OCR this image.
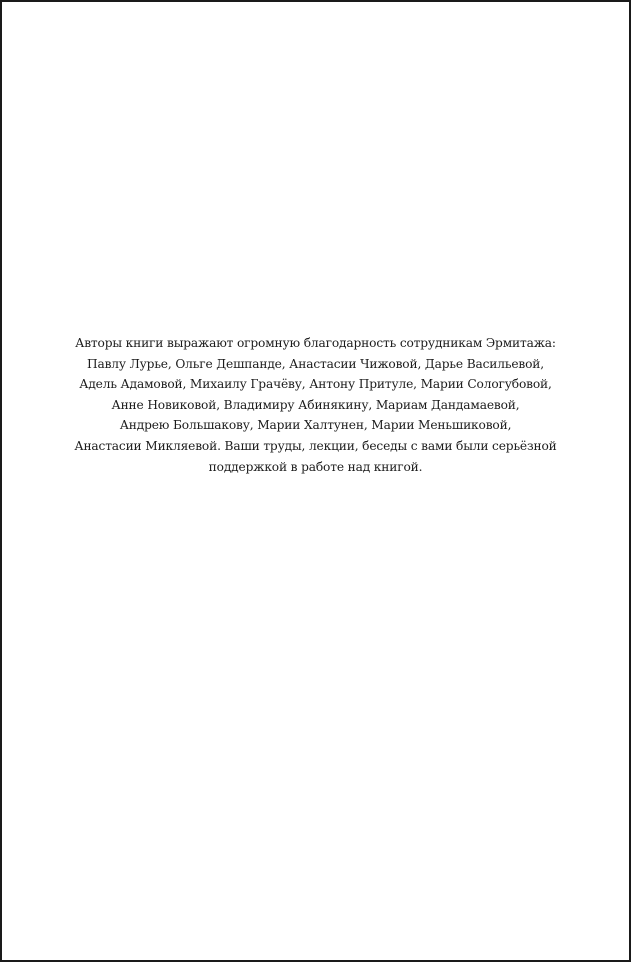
Авторы книги выражают огромную благодарность сотрудникам Эрмитажа:
Павлу Лурье, Ольге Дешпанде, Анастасии Чижовой, Дарье Васильевой,
Адель Адамовой, Михаилу Грачёву, Антону Притуле, Марии Сологубовой,
Анне Новиковой, Владимиру Абинякину, Мариам Дандамаевой,
Андрею Большакову, Марии Халтунен, Марии Меньшиковой,
Анастасии Микляевой. Ваши труды, лекции, беседы с вами были серьёзной
поддержкой в работе над книгой.
